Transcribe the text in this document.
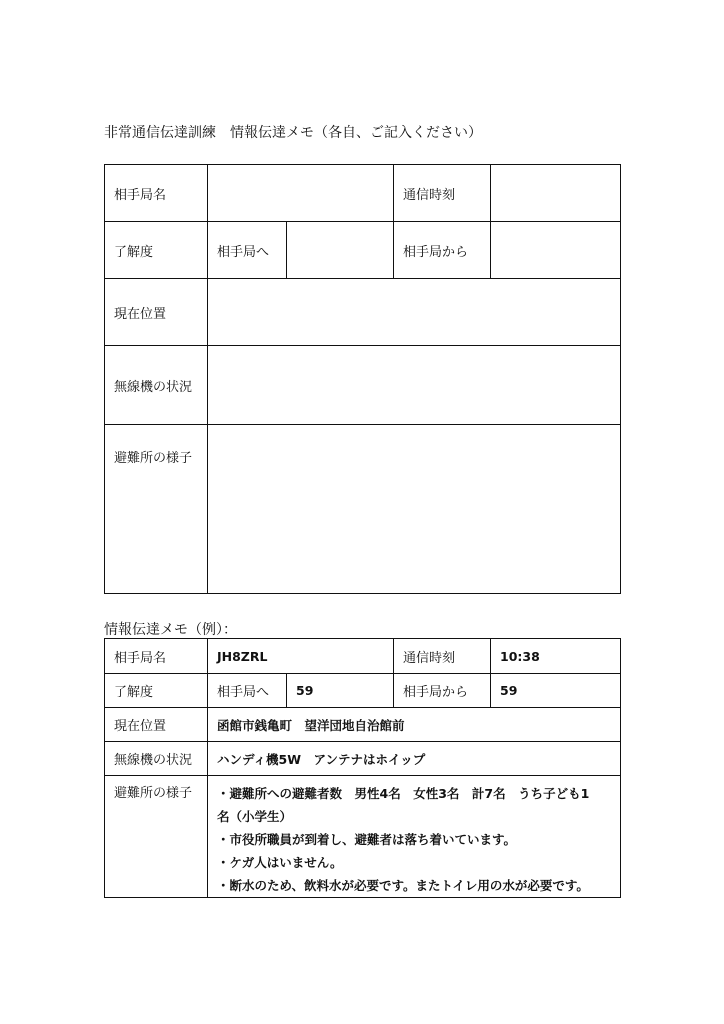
非常通信伝達訓練　情報伝達メモ（各自、ご記入ください）
相手局名			通信時刻	
了解度	相手局へ		相手局から	
現在位置				
無線機の状況				
避難所の様子				
情報伝達メモ（例）：
相手局名	JH8ZRL		通信時刻	10:38
了解度	相手局へ	59	相手局から	59
現在位置	函館市銭亀町　望洋団地自治館前			
無線機の状況	ハンディ機5W　アンテナはホイップ			
避難所の様子	・避難所への避難者数　男性4名　女性3名　計7名　うち子ども1
名（小学生）
・市役所職員が到着し、避難者は落ち着いています。
・ケガ人はいません。
・断水のため、飲料水が必要です。またトイレ用の水が必要です。			
